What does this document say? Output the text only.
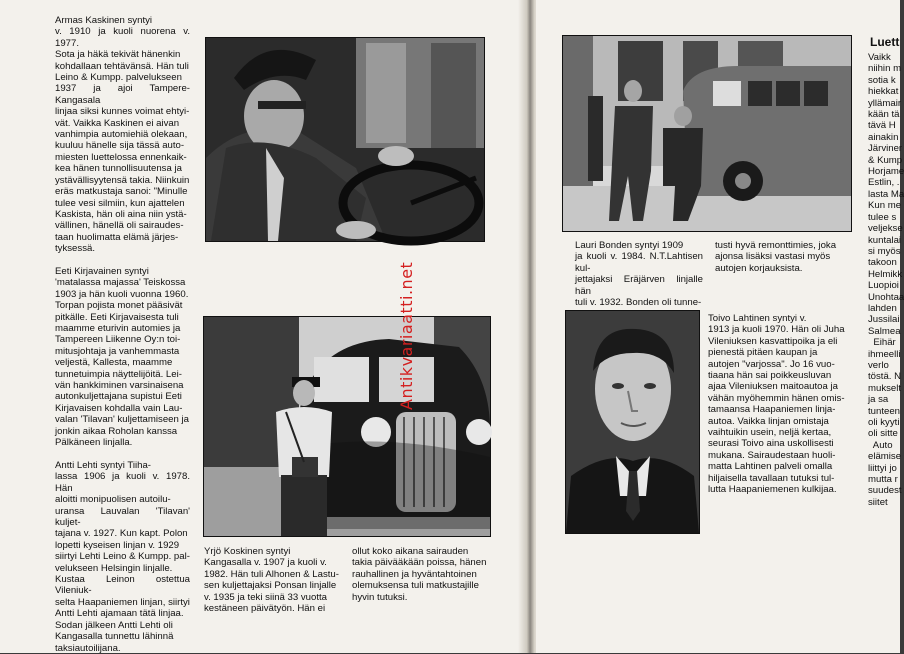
Armas Kaskinen syntyi
v. 1910 ja kuoli nuorena v. 1977.
Sota ja häkä tekivät hänenkin
kohdallaan tehtävänsä. Hän tuli
Leino & Kumpp. palvelukseen
1937 ja ajoi Tampere-Kangasala
linjaa siksi kunnes voimat ehtyi-
vät. Vaikka Kaskinen ei aivan
vanhimpia automiehiä olekaan,
kuuluu hänelle sija tässä auto-
miesten luettelossa ennenkaik-
kea hänen tunnollisuutensa ja
ystävällisyytensä takia. Niinkuin
eräs matkustaja sanoi: "Minulle
tulee vesi silmiin, kun ajattelen
Kaskista, hän oli aina niin ystä-
vällinen, hänellä oli sairaudes-
taan huolimatta elämä järjes-
tyksessä.

Eeti Kirjavainen syntyi
'matalassa majassa' Teiskossa
1903 ja hän kuoli vuonna 1960.
Torpan pojista monet pääsivät
pitkälle. Eeti Kirjavaisesta tuli
maamme eturivin automies ja
Tampereen Liikenne Oy:n toi-
mitusjohtaja ja vanhemmasta
veljestä, Kallesta, maamme
tunnetuimpia näyttelijöitä. Lei-
vän hankkiminen varsinaisena
autonkuljettajana supistui Eeti
Kirjavaisen kohdalla vain Lau-
valan 'Tilavan' kuljettamiseen ja
jonkin aikaa Roholan kanssa
Pälkäneen linjalla.

Antti Lehti syntyi Tiiha-
lassa 1906 ja kuoli v. 1978. Hän
aloitti monipuolisen autoilu-
uransa Lauvalan 'Tilavan' kuljet-
tajana v. 1927. Kun kapt. Polon
lopetti kyseisen linjan v. 1929
siirtyi Lehti Leino & Kumpp. pal-
velukseen Helsingin linjalle.
Kustaa Leinon ostettua Vileniuk-
selta Haapaniemen linjan, siirtyi
Antti Lehti ajamaan tätä linjaa.
Sodan jälkeen Antti Lehti oli
Kangasalla tunnettu lähinnä
taksiautoilijana.

Yrjö Koskinen syntyi
Kangasalla v. 1907 ja kuoli v.
1982. Hän tuli Alhonen & Lastu-
sen kuljettajaksi Ponsan linjalle
v. 1935 ja teki siinä 33 vuotta
kestäneen päivätyön. Hän ei

ollut koko aikana sairauden
takia päivääkään poissa, hänen
rauhallinen ja hyväntahtoinen
olemuksensa tuli matkustajille
hyvin tutuksi.

Antikvariaatti.net

Lauri Bonden syntyi 1909
ja kuoli v. 1984. N.T.Lahtisen kul-
jettajaksi Eräjärven linjalle hän
tuli v. 1932. Bonden oli tunne-

tusti hyvä remonttimies, joka
ajonsa lisäksi vastasi myös
autojen korjauksista.

Toivo Lahtinen syntyi v.
1913 ja kuoli 1970. Hän oli Juha
Vileniuksen kasvattipoika ja eli
pienestä pitäen kaupan ja
autojen "varjossa". Jo 16 vuo-
tiaana hän sai poikkeusluvan
ajaa Vileniuksen maitoautoa ja
vähän myöhemmin hänen omis-
tamaansa Haapaniemen linja-
autoa. Vaikka linjan omistaja
vaihtuikin usein, neljä kertaa,
seurasi Toivo aina uskollisesti
mukana. Sairaudestaan huoli-
matta Lahtinen palveli omalla
hiljaisella tavallaan tutuksi tul-
lutta Haapaniemenen kulkijaa.

Luett
Vaikk
niihin m
sotia k
hiekkat
yllämair
kään tä
tävä H
ainakin
Järviner
& Kump
Horjame
Estlin, .
lasta Ma
Kun me
tulee s
veljekse
kuntalai
si myös
takoon
Helmikk
Luopioi
Unohtaa
lahden
Jussilai
Salmea
Eihär
ihmeelli
verlo
töstä. N
mukselt
ja sa
tunteen
oli kyyti
oli sitte
Auto
elämise
liittyi jo
mutta r
suudest
siitet
